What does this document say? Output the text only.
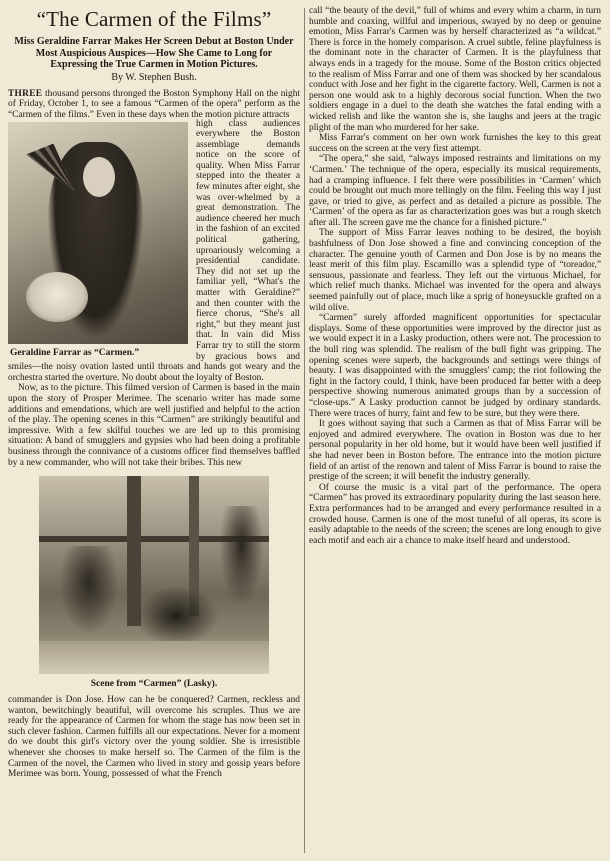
“The Carmen of the Films”
Miss Geraldine Farrar Makes Her Screen Debut at Boston Under Most Auspicious Auspices—How She Came to Long for Expressing the True Carmen in Motion Pictures.
By W. Stephen Bush.

THREE thousand persons thronged the Boston Symphony Hall on the night of Friday, October 1, to see a famous “Carmen of the opera” perform as the “Carmen of the films.” Even in these days when the motion picture attracts

Geraldine Farrar as “Carmen.”

high class audiences everywhere the Boston assemblage demands notice on the score of quality. When Miss Farrar stepped into the theater a few minutes after eight, she was over-whelmed by a great demonstration. The audience cheered her much in the fashion of an excited political gathering, uproariously welcoming a presidential candidate. They did not set up the familiar yell, “What's the matter with Geraldine?” and then counter with the fierce chorus, “She's all right,” but they meant just that. In vain did Miss Farrar try to still the storm by gracious bows and smiles—the noisy ovation lasted until throats and hands got weary and the orchestra started the overture. No doubt about the loyalty of Boston.

Now, as to the picture. This filmed version of Carmen is based in the main upon the story of Prosper Merimee. The scenario writer has made some additions and emendations, which are well justified and helpful to the action of the play. The opening scenes in this “Carmen” are strikingly beautiful and impressive. With a few skilful touches we are led up to this promising situation: A band of smugglers and gypsies who had been doing a profitable business through the connivance of a customs officer find themselves baffled by a new commander, who will not take their bribes. This new

Scene from “Carmen” (Lasky).

commander is Don Jose. How can he be conquered? Carmen, reckless and wanton, bewitchingly beautiful, will overcome his scruples. Thus we are ready for the appearance of Carmen for whom the stage has now been set in such clever fashion. Carmen fulfills all our expectations. Never for a moment do we doubt this girl's victory over the young soldier. She is irresistible whenever she chooses to make herself so. The Carmen of the film is the Carmen of the novel, the Carmen who lived in story and gossip years before Merimee was born. Young, possessed of what the French

call “the beauty of the devil,” full of whims and every whim a charm, in turn humble and coaxing, willful and imperious, swayed by no deep or genuine emotion, Miss Farrar's Carmen was by herself characterized as “a wildcat.” There is force in the homely comparison. A cruel subtle, feline playfulness is the dominant note in the character of Carmen. It is the playfulness that always ends in a tragedy for the mouse. Some of the Boston critics objected to the realism of Miss Farrar and one of them was shocked by her scandalous conduct with Jose and her fight in the cigarette factory. Well, Carmen is not a person one would ask to a highly decorous social function. When the two soldiers engage in a duel to the death she watches the fatal ending with a wicked relish and like the wanton she is, she laughs and jeers at the tragic plight of the man who murdered for her sake.

Miss Farrar's comment on her own work furnishes the key to this great success on the screen at the very first attempt.

“The opera,” she said, “always imposed restraints and limitations on my ‘Carmen.’ The technique of the opera, especially its musical requirements, had a cramping influence. I felt there were possibilities in ‘Carmen’ which could be brought out much more tellingly on the film. Feeling this way I just gave, or tried to give, as perfect and as detailed a picture as possible. The ‘Carmen’ of the opera as far as characterization goes was but a rough sketch after all. The screen gave me the chance for a finished picture.”

The support of Miss Farrar leaves nothing to be desired, the boyish bashfulness of Don Jose showed a fine and convincing conception of the character. The genuine youth of Carmen and Don Jose is by no means the least merit of this film play. Escamillo was a splendid type of “toreador,” sensuous, passionate and fearless. They left out the virtuous Michael, for which relief much thanks. Michael was invented for the opera and always seemed painfully out of place, much like a sprig of honeysuckle grafted on a wild olive.

“Carmen” surely afforded magnificent opportunities for spectacular displays. Some of these opportunities were improved by the director just as we would expect it in a Lasky production, others were not. The procession to the bull ring was splendid. The realism of the bull fight was gripping. The opening scenes were superb, the backgrounds and settings were things of beauty. I was disappointed with the smugglers' camp; the riot following the fight in the factory could, I think, have been produced far better with a deep perspective showing numerous animated groups than by a succession of “close-ups.” A Lasky production cannot be judged by ordinary standards. There were traces of hurry, faint and few to be sure, but they were there.

It goes without saying that such a Carmen as that of Miss Farrar will be enjoyed and admired everywhere. The ovation in Boston was due to her personal popularity in her old home, but it would have been well justified if she had never been in Boston before. The entrance into the motion picture field of an artist of the renown and talent of Miss Farrar is bound to raise the prestige of the screen; it will benefit the industry generally.

Of course the music is a vital part of the performance. The opera “Carmen” has proved its extraordinary popularity during the last season here. Extra performances had to be arranged and every performance resulted in a crowded house. Carmen is one of the most tuneful of all operas, its score is easily adaptable to the needs of the screen; the scenes are long enough to give each motif and each air a chance to make itself heard and understood.
